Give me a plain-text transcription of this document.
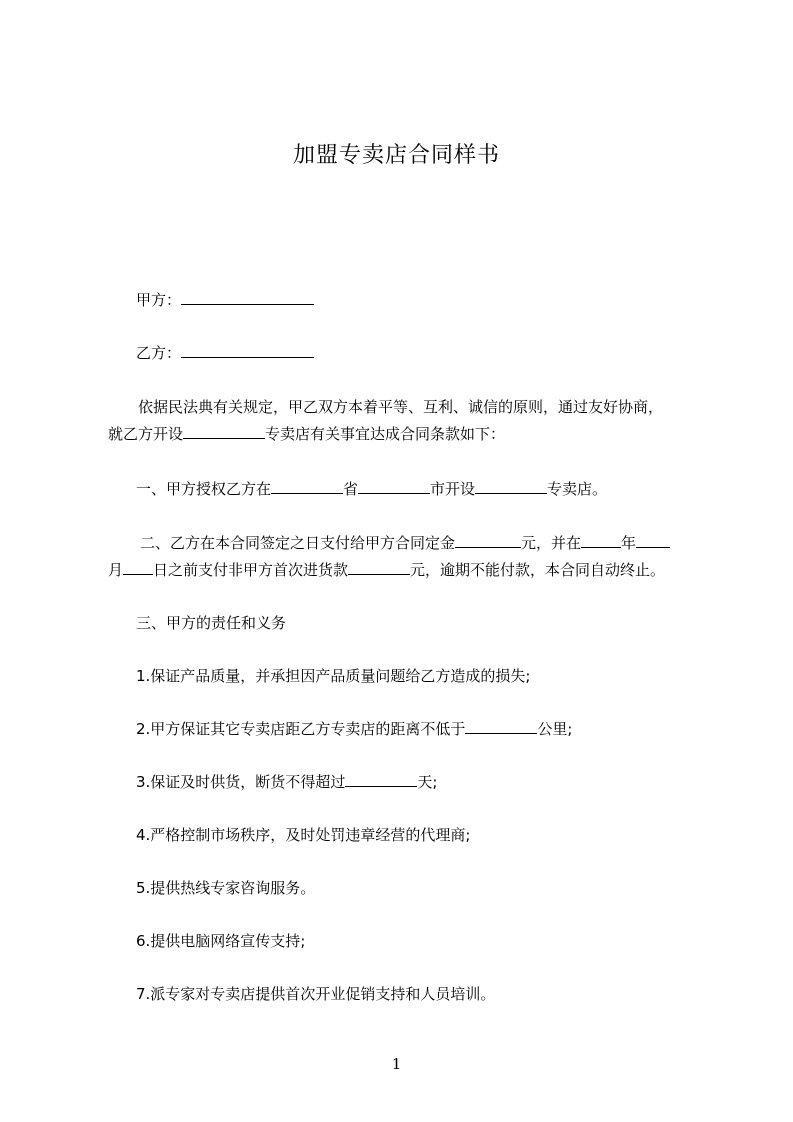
加盟专卖店合同样书
甲方：
乙方：
依据民法典有关规定，甲乙双方本着平等、互利、诚信的原则，通过友好协商，
就乙方开设	专卖店有关事宜达成合同条款如下：
一、甲方授权乙方在	省	市开设	专卖店。
二、乙方在本合同签定之日支付给甲方合同定金	元，并在	年
月 日之前支付非甲方首次进货款	元，逾期不能付款，本合同自动终止。
三、甲方的责任和义务
1.保证产品质量，并承担因产品质量问题给乙方造成的损失;
2.甲方保证其它专卖店距乙方专卖店的距离不低于	公里;
3.保证及时供货，断货不得超过	天;
4.严格控制市场秩序，及时处罚违章经营的代理商;
5.提供热线专家咨询服务。
6.提供电脑网络宣传支持;
7.派专家对专卖店提供首次开业促销支持和人员培训。
1
